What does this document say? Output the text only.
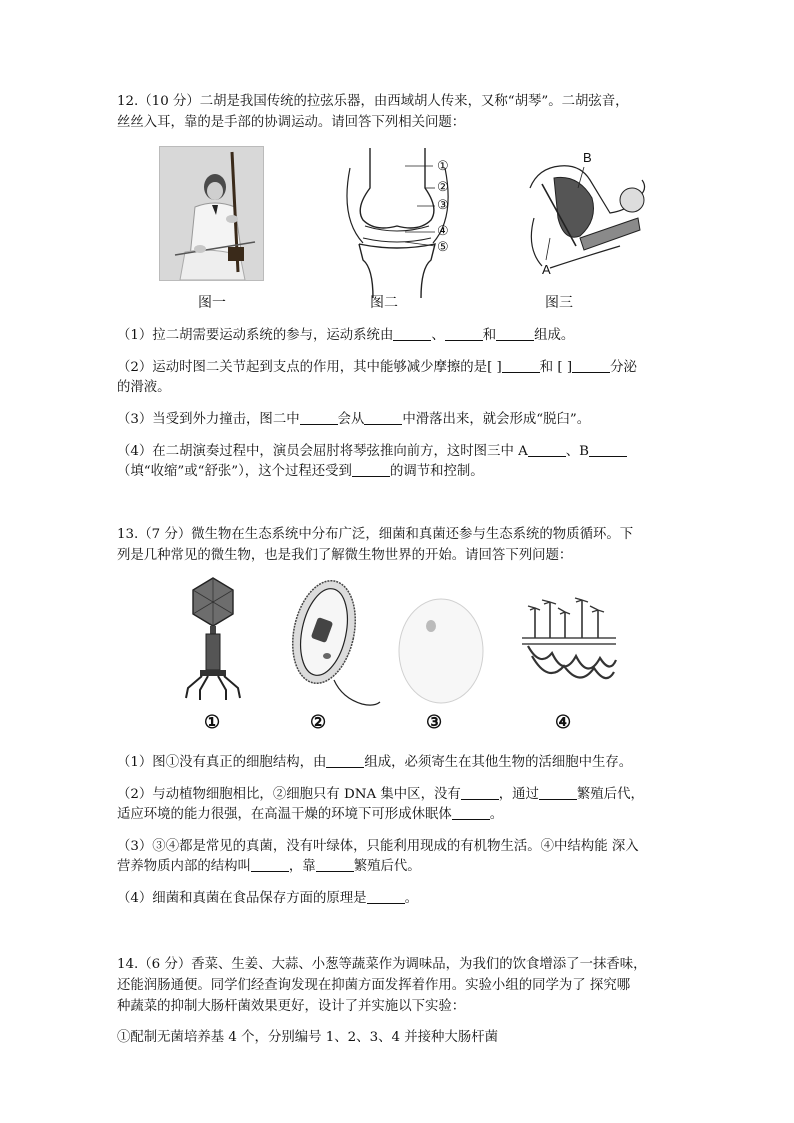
12.（10 分）二胡是我国传统的拉弦乐器，由西域胡人传来，又称“胡琴”。二胡弦音，
丝丝入耳，靠的是手部的协调运动。请回答下列相关问题：
①
②
③
④
⑤
B
A
图一	图二	图三
（1）拉二胡需要运动系统的参与，运动系统由	、	和	组成。
（2）运动时图二关节起到支点的作用，其中能够减少摩擦的是[ ]	和 [ ]	分泌
的滑液。
（3）当受到外力撞击，图二中	会从	中滑落出来，就会形成“脱臼”。
（4）在二胡演奏过程中，演员会屈肘将琴弦推向前方，这时图三中 A	、B
（填“收缩”或“舒张”），这个过程还受到	的调节和控制。
13.（7 分）微生物在生态系统中分布广泛，细菌和真菌还参与生态系统的物质循环。下
列是几种常见的微生物，也是我们了解微生物世界的开始。请回答下列问题：
①	②	③	④
（1）图①没有真正的细胞结构，由	组成，必须寄生在其他生物的活细胞中生存。
（2）与动植物细胞相比，②细胞只有 DNA 集中区，没有	，通过	繁殖后代，
适应环境的能力很强，在高温干燥的环境下可形成休眠体	。
（3）③④都是常见的真菌，没有叶绿体，只能利用现成的有机物生活。④中结构能 深入
营养物质内部的结构叫	，靠	繁殖后代。
（4）细菌和真菌在食品保存方面的原理是	。
14.（6 分）香菜、生姜、大蒜、小葱等蔬菜作为调味品，为我们的饮食增添了一抹香味，
还能润肠通便。同学们经查询发现在抑菌方面发挥着作用。实验小组的同学为了 探究哪
种蔬菜的抑制大肠杆菌效果更好，设计了并实施以下实验：
①配制无菌培养基 4 个，分别编号 1、2、3、4 并接种大肠杆菌
